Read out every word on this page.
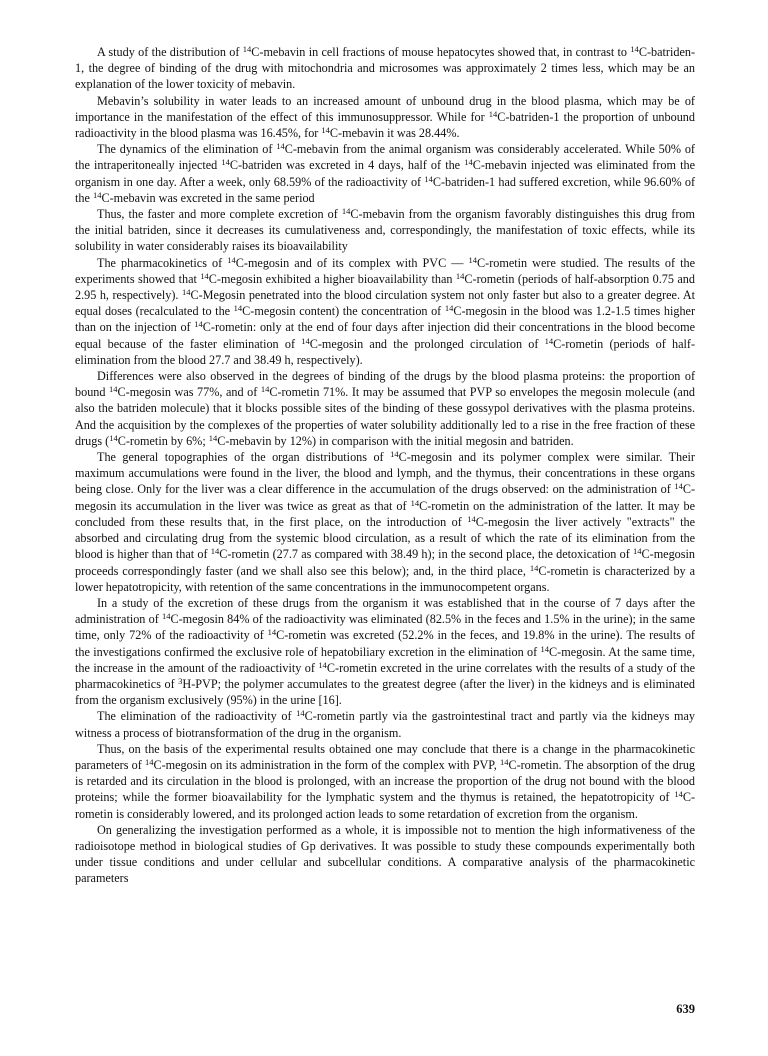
A study of the distribution of $^{14}$C-mebavin in cell fractions of mouse hepatocytes showed that, in contrast to $^{14}$C-batriden-1, the degree of binding of the drug with mitochondria and microsomes was approximately 2 times less, which may be an explanation of the lower toxicity of mebavin.

Mebavin’s solubility in water leads to an increased amount of unbound drug in the blood plasma, which may be of importance in the manifestation of the effect of this immunosuppressor. While for $^{14}$C-batriden-1 the proportion of unbound radioactivity in the blood plasma was 16.45%, for $^{14}$C-mebavin it was 28.44%.

The dynamics of the elimination of $^{14}$C-mebavin from the animal organism was considerably accelerated. While 50% of the intraperitoneally injected $^{14}$C-batriden was excreted in 4 days, half of the $^{14}$C-mebavin injected was eliminated from the organism in one day. After a week, only 68.59% of the radioactivity of $^{14}$C-batriden-1 had suffered excretion, while 96.60% of the $^{14}$C-mebavin was excreted in the same period

Thus, the faster and more complete excretion of $^{14}$C-mebavin from the organism favorably distinguishes this drug from the initial batriden, since it decreases its cumulativeness and, correspondingly, the manifestation of toxic effects, while its solubility in water considerably raises its bioavailability

The pharmacokinetics of $^{14}$C-megosin and of its complex with PVC — $^{14}$C-rometin were studied. The results of the experiments showed that $^{14}$C-megosin exhibited a higher bioavailability than $^{14}$C-rometin (periods of half-absorption 0.75 and 2.95 h, respectively). $^{14}$C-Megosin penetrated into the blood circulation system not only faster but also to a greater degree. At equal doses (recalculated to the $^{14}$C-megosin content) the concentration of $^{14}$C-megosin in the blood was 1.2-1.5 times higher than on the injection of $^{14}$C-rometin: only at the end of four days after injection did their concentrations in the blood become equal because of the faster elimination of $^{14}$C-megosin and the prolonged circulation of $^{14}$C-rometin (periods of half-elimination from the blood 27.7 and 38.49 h, respectively).

Differences were also observed in the degrees of binding of the drugs by the blood plasma proteins: the proportion of bound $^{14}$C-megosin was 77%, and of $^{14}$C-rometin 71%. It may be assumed that PVP so envelopes the megosin molecule (and also the batriden molecule) that it blocks possible sites of the binding of these gossypol derivatives with the plasma proteins. And the acquisition by the complexes of the properties of water solubility additionally led to a rise in the free fraction of these drugs ($^{14}$C-rometin by 6%; $^{14}$C-mebavin by 12%) in comparison with the initial megosin and batriden.

The general topographies of the organ distributions of $^{14}$C-megosin and its polymer complex were similar. Their maximum accumulations were found in the liver, the blood and lymph, and the thymus, their concentrations in these organs being close. Only for the liver was a clear difference in the accumulation of the drugs observed: on the administration of $^{14}$C-megosin its accumulation in the liver was twice as great as that of $^{14}$C-rometin on the administration of the latter. It may be concluded from these results that, in the first place, on the introduction of $^{14}$C-megosin the liver actively "extracts" the absorbed and circulating drug from the systemic blood circulation, as a result of which the rate of its elimination from the blood is higher than that of $^{14}$C-rometin (27.7 as compared with 38.49 h); in the second place, the detoxication of $^{14}$C-megosin proceeds correspondingly faster (and we shall also see this below); and, in the third place, $^{14}$C-rometin is characterized by a lower hepatotropicity, with retention of the same concentrations in the immunocompetent organs.

In a study of the excretion of these drugs from the organism it was established that in the course of 7 days after the administration of $^{14}$C-megosin 84% of the radioactivity was eliminated (82.5% in the feces and 1.5% in the urine); in the same time, only 72% of the radioactivity of $^{14}$C-rometin was excreted (52.2% in the feces, and 19.8% in the urine). The results of the investigations confirmed the exclusive role of hepatobiliary excretion in the elimination of $^{14}$C-megosin. At the same time, the increase in the amount of the radioactivity of $^{14}$C-rometin excreted in the urine correlates with the results of a study of the pharmacokinetics of $^3$H-PVP; the polymer accumulates to the greatest degree (after the liver) in the kidneys and is eliminated from the organism exclusively (95%) in the urine [16].

The elimination of the radioactivity of $^{14}$C-rometin partly via the gastrointestinal tract and partly via the kidneys may witness a process of biotransformation of the drug in the organism.

Thus, on the basis of the experimental results obtained one may conclude that there is a change in the pharmacokinetic parameters of $^{14}$C-megosin on its administration in the form of the complex with PVP, $^{14}$C-rometin. The absorption of the drug is retarded and its circulation in the blood is prolonged, with an increase the proportion of the drug not bound with the blood proteins; while the former bioavailability for the lymphatic system and the thymus is retained, the hepatotropicity of $^{14}$C-rometin is considerably lowered, and its prolonged action leads to some retardation of excretion from the organism.

On generalizing the investigation performed as a whole, it is impossible not to mention the high informativeness of the radioisotope method in biological studies of Gp derivatives. It was possible to study these compounds experimentally both under tissue conditions and under cellular and subcellular conditions. A comparative analysis of the pharmacokinetic parameters

639
